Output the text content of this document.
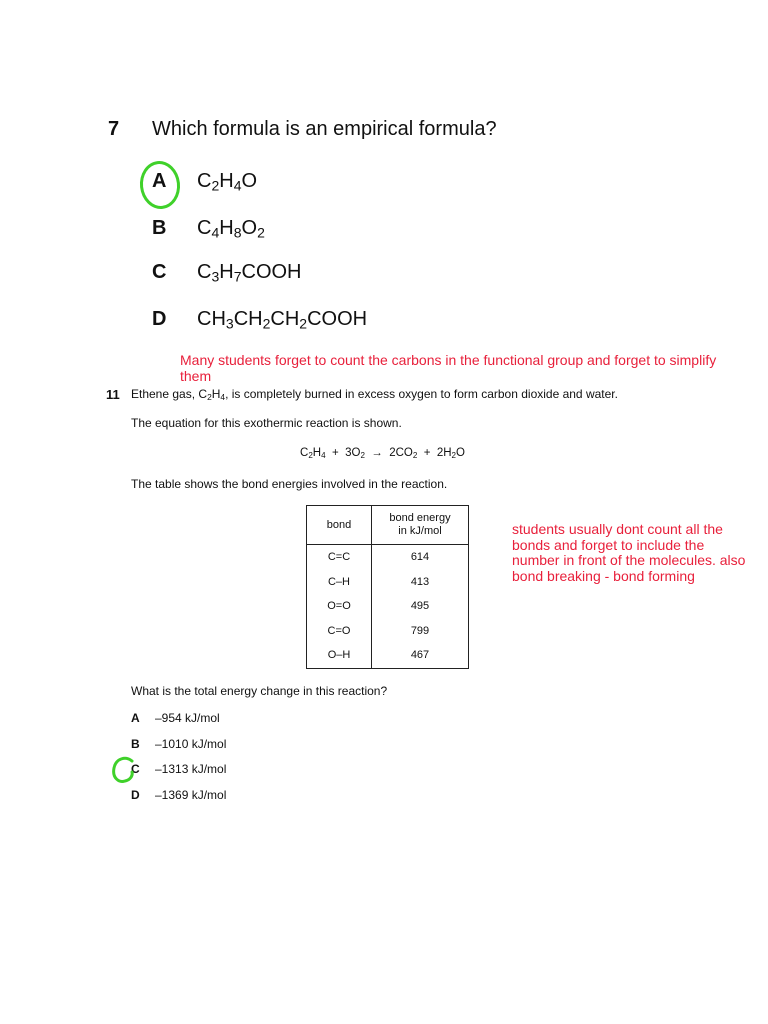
7 Which formula is an empirical formula?
A $C_2H_4O$
B $C_4H_8O_2$
C $C_3H_7COOH$
D $CH_3CH_2CH_2COOH$
Many students forget to count the carbons in the functional group and forget to simplify them
11 Ethene gas, $C_2H_4$, is completely burned in excess oxygen to form carbon dioxide and water.
The equation for this exothermic reaction is shown.
$C_2H_4 + 3O_2 \to 2CO_2 + 2H_2O$
The table shows the bond energies involved in the reaction.
bond	bond energy
in kJ/mol
C=C	614
C–H	413
O=O	495
C=O	799
O–H	467
students usually dont count all the bonds and forget to include the number in front of the molecules. also bond breaking - bond forming
What is the total energy change in this reaction?
A –954 kJ/mol
B –1010 kJ/mol
C –1313 kJ/mol
D –1369 kJ/mol
